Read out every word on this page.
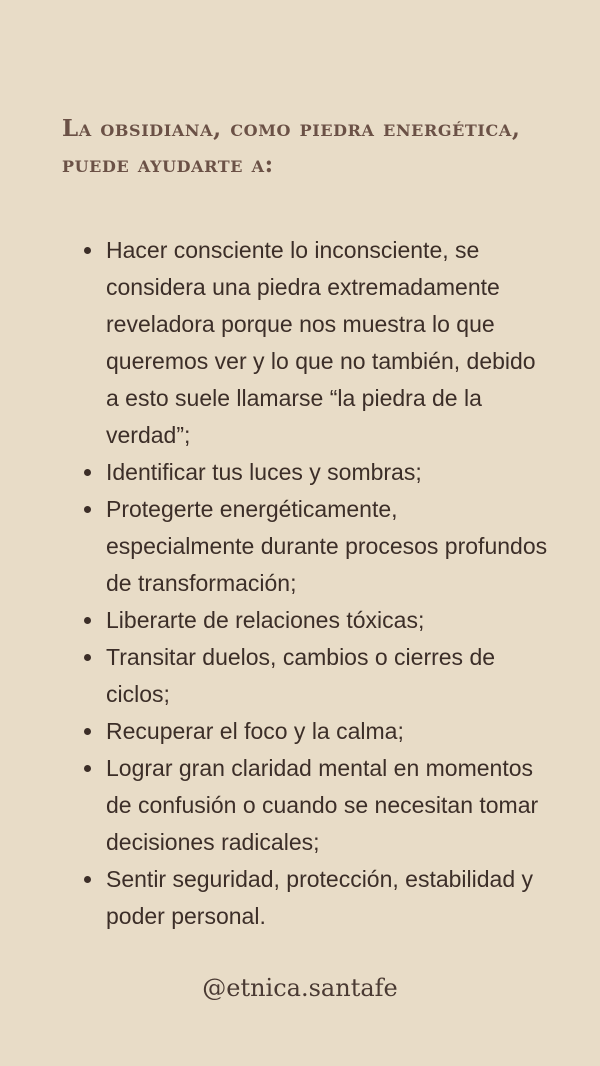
La obsidiana, como piedra energética, puede ayudarte a:
Hacer consciente lo inconsciente, se considera una piedra extremadamente reveladora porque nos muestra lo que queremos ver y lo que no también, debido a esto suele llamarse “la piedra de la verdad”;
Identificar tus luces y sombras;
Protegerte energéticamente, especialmente durante procesos profundos de transformación;
Liberarte de relaciones tóxicas;
Transitar duelos, cambios o cierres de ciclos;
Recuperar el foco y la calma;
Lograr gran claridad mental en momentos de confusión o cuando se necesitan tomar decisiones radicales;
Sentir seguridad, protección, estabilidad y poder personal.
@etnica.santafe
